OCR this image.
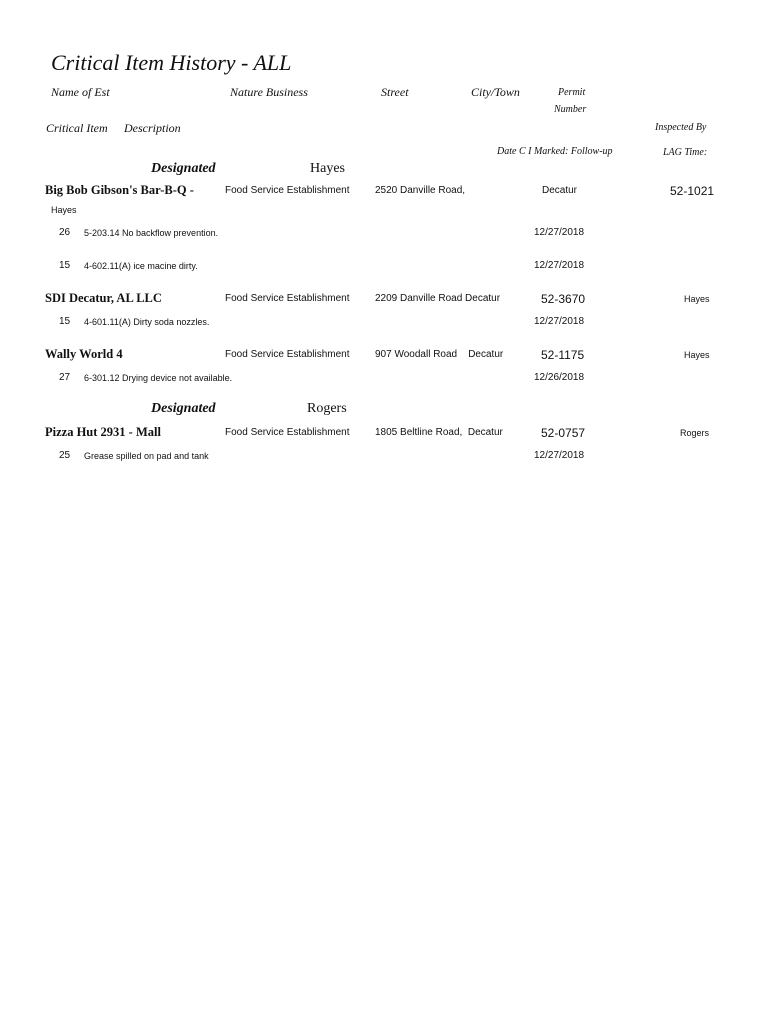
Critical Item History - ALL
Name of Est	Nature Business	Street	City/Town	Permit
Number
Critical Item Description	Inspected By
Date C I Marked: Follow-up	LAG Time:
Designated	Hayes
Big Bob Gibson's Bar-B-Q -	Food Service Establishment	2520 Danville Road,	Decatur	52-1021
Hayes
26 5-203.14 No backflow prevention.	12/27/2018
15 4-602.11(A) ice macine dirty.	12/27/2018
SDI Decatur, AL LLC	Food Service Establishment	2209 Danville Road Decatur	52-3670	Hayes
15 4-601.11(A) Dirty soda nozzles.	12/27/2018
Wally World 4	Food Service Establishment	907 Woodall Road    Decatur	52-1175	Hayes
27 6-301.12 Drying device not available.	12/26/2018
Designated	Rogers
Pizza Hut 2931 - Mall	Food Service Establishment	1805 Beltline Road,  Decatur	52-0757	Rogers
25 Grease spilled on pad and tank	12/27/2018
